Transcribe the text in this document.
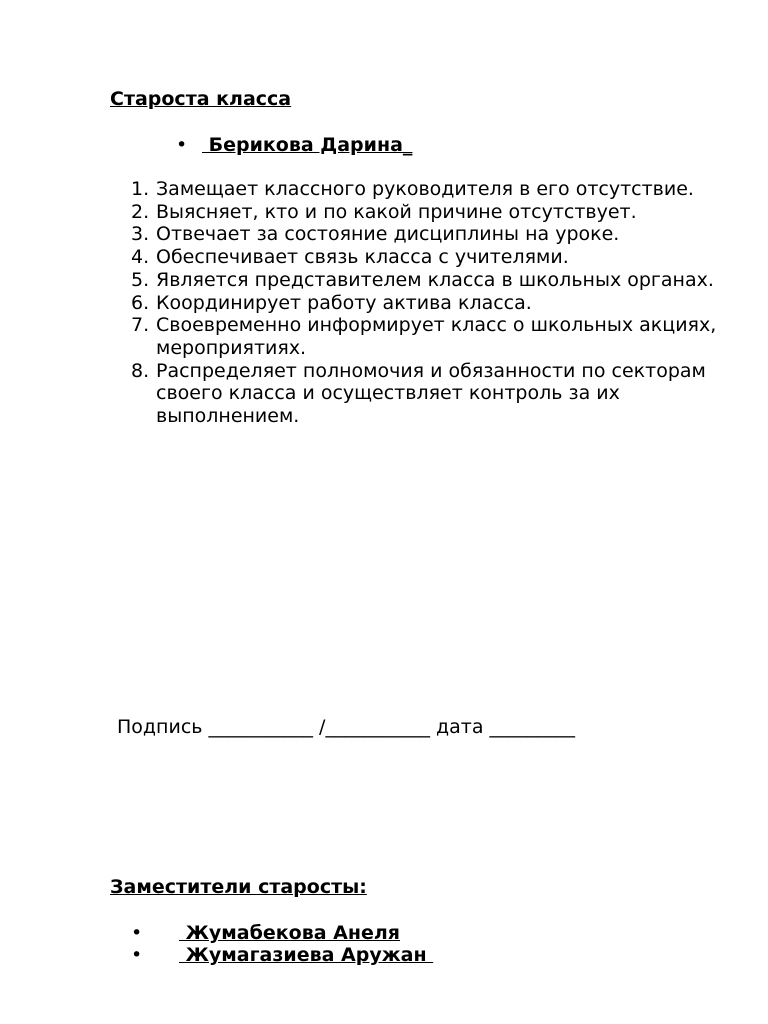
Староста класса
• Берикова Дарина_
1. Замещает классного руководителя в его отсутствие.
2. Выясняет, кто и по какой причине отсутствует.
3. Отвечает за состояние дисциплины на уроке.
4. Обеспечивает связь класса с учителями.
5. Является представителем класса в школьных органах.
6. Координирует работу актива класса.
7. Своевременно информирует класс о школьных акциях, мероприятиях.
8. Распределяет полномочия и обязанности по секторам своего класса и осуществляет контроль за их выполнением.
Подпись ___________ /___________ дата _________
Заместители старосты:
• Жумабекова Анеля
• Жумагазиева Аружан
